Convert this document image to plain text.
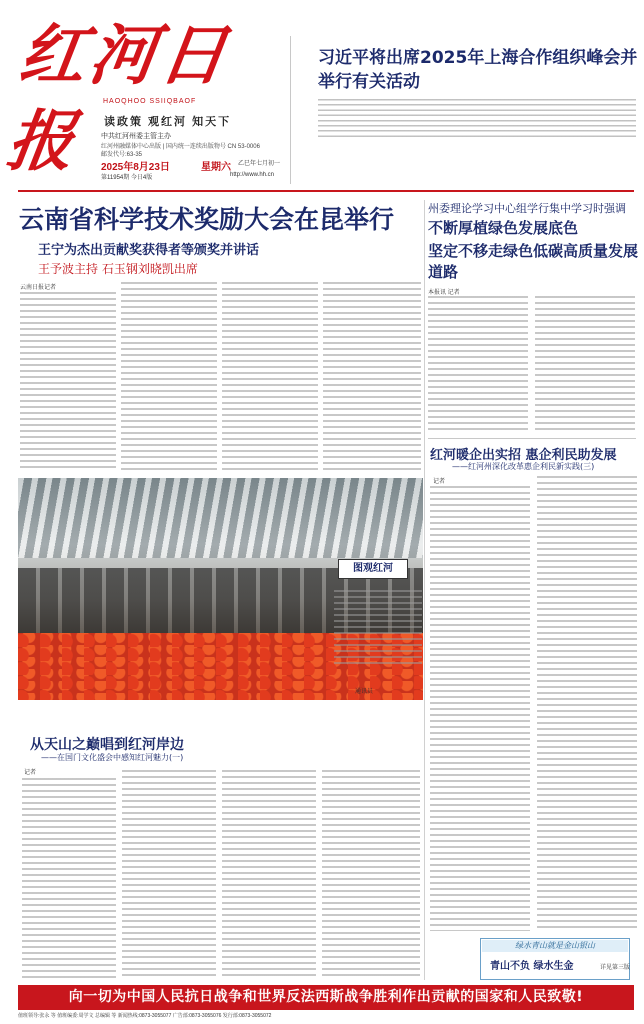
红河日报
HAOQHOO SSIIQBAOF
读政策 观红河 知天下
中共红河州委主管主办
红河州融媒体中心出版 | 国内统一连续出版物号 CN 53-0006
邮发代号:63-35
2025年8月23日	星期六 乙巳年七月初一
第11954期 今日4版	http://www.hh.cn
习近平将出席2025年上海合作组织峰会并举行有关活动
云南省科学技术奖励大会在昆举行
王宁为杰出贡献奖获得者等颁奖并讲话
王予波主持 石玉钢刘晓凯出席
云南日报记者
州委理论学习中心组学行集中学习时强调
不断厚植绿色发展底色
坚定不移走绿色低碳高质量发展道路
本报讯 记者
红河暖企出实招 惠企利民助发展
——红河州深化改革惠企利民新实践(三)
记者
图观红河
通讯员
从天山之巅唱到红河岸边
——在国门文化盛会中感知红河魅力(一)
记者
绿水青山就是金山银山
青山不负 绿水生金	详见第三版
向一切为中国人民抗日战争和世界反法西斯战争胜利作出贡献的国家和人民致敬!
值班领导:张永 等 值班编委:周学文 总编辑 等 新闻热线:0873-3055077 广告部:0873-3055076 发行部:0873-3055072
